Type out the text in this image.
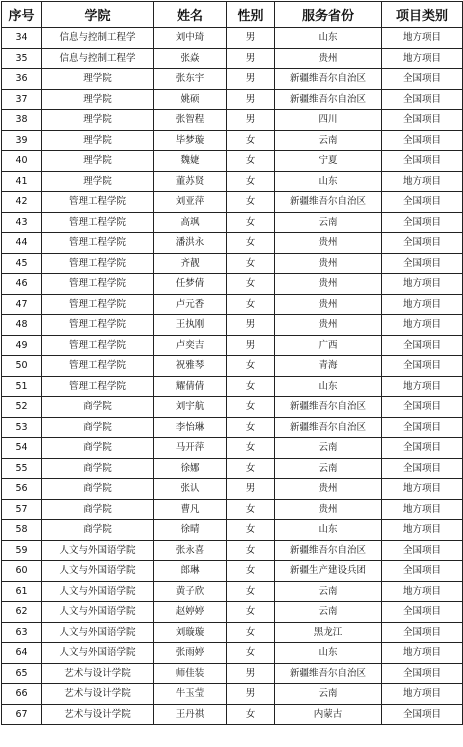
序号	学院	姓名	性别	服务省份	项目类别
34	信息与控制工程学	刘中琦	男	山东	地方项目
35	信息与控制工程学	张焱	男	贵州	地方项目
36	理学院	张东宇	男	新疆维吾尔自治区	全国项目
37	理学院	姚硕	男	新疆维吾尔自治区	全国项目
38	理学院	张智程	男	四川	全国项目
39	理学院	毕梦璇	女	云南	全国项目
40	理学院	魏婕	女	宁夏	全国项目
41	理学院	董苏贤	女	山东	地方项目
42	管理工程学院	刘亚萍	女	新疆维吾尔自治区	全国项目
43	管理工程学院	高飒	女	云南	全国项目
44	管理工程学院	潘洪永	女	贵州	全国项目
45	管理工程学院	齐靓	女	贵州	全国项目
46	管理工程学院	任梦倩	女	贵州	地方项目
47	管理工程学院	卢元香	女	贵州	地方项目
48	管理工程学院	王执刚	男	贵州	地方项目
49	管理工程学院	卢奕吉	男	广西	全国项目
50	管理工程学院	祝雅琴	女	青海	全国项目
51	管理工程学院	耀倩倩	女	山东	地方项目
52	商学院	刘宇航	女	新疆维吾尔自治区	全国项目
53	商学院	李怡琳	女	新疆维吾尔自治区	全国项目
54	商学院	马开萍	女	云南	全国项目
55	商学院	徐娜	女	云南	全国项目
56	商学院	张认	男	贵州	地方项目
57	商学院	曹凡	女	贵州	地方项目
58	商学院	徐晴	女	山东	地方项目
59	人文与外国语学院	张永喜	女	新疆维吾尔自治区	全国项目
60	人文与外国语学院	郎琳	女	新疆生产建设兵团	全国项目
61	人文与外国语学院	黄子欣	女	云南	地方项目
62	人文与外国语学院	赵婷婷	女	云南	全国项目
63	人文与外国语学院	刘璇璇	女	黑龙江	全国项目
64	人文与外国语学院	张雨婷	女	山东	地方项目
65	艺术与设计学院	师佳装	男	新疆维吾尔自治区	全国项目
66	艺术与设计学院	牛玉莹	男	云南	地方项目
67	艺术与设计学院	王丹祺	女	内蒙古	全国项目
